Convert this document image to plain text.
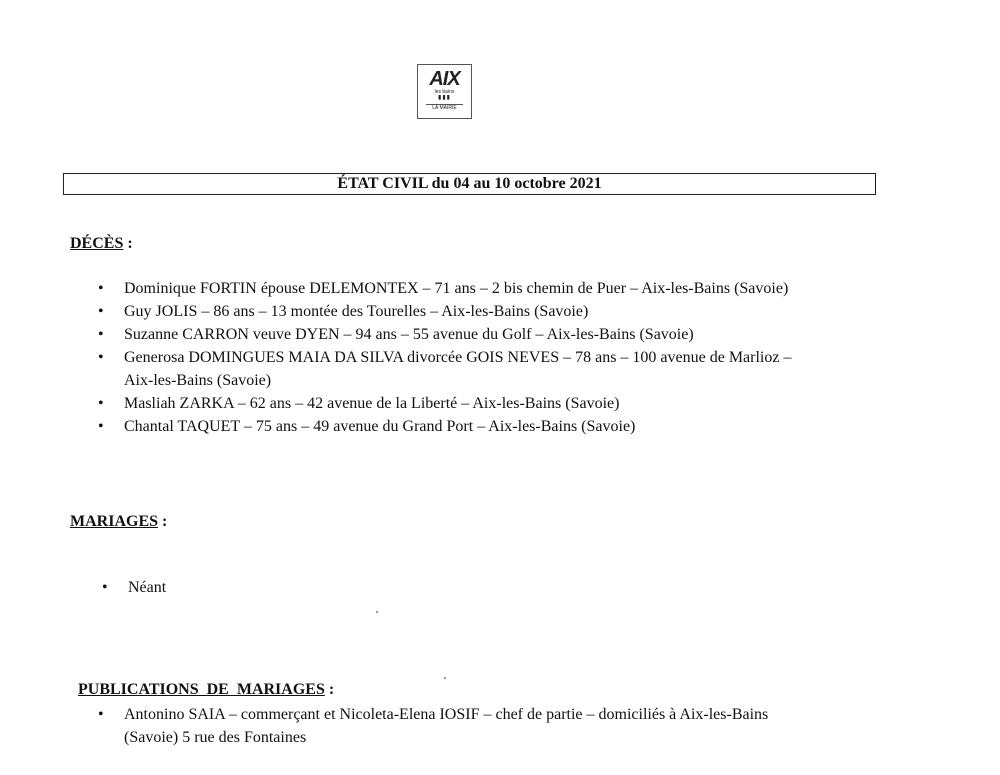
AIX
les bains
▮▮▮
LA MAIRIE
ÉTAT CIVIL du 04 au 10 octobre 2021
DÉCÈS :
• Dominique FORTIN épouse DELEMONTEX – 71 ans – 2 bis chemin de Puer – Aix-les-Bains (Savoie)
• Guy JOLIS – 86 ans – 13 montée des Tourelles – Aix-les-Bains (Savoie)
• Suzanne CARRON veuve DYEN – 94 ans – 55 avenue du Golf – Aix-les-Bains (Savoie)
• Generosa DOMINGUES MAIA DA SILVA divorcée GOIS NEVES – 78 ans – 100 avenue de Marlioz –
Aix-les-Bains (Savoie)
• Masliah ZARKA – 62 ans – 42 avenue de la Liberté – Aix-les-Bains (Savoie)
• Chantal TAQUET – 75 ans – 49 avenue du Grand Port – Aix-les-Bains (Savoie)
MARIAGES :
• Néant

PUBLICATIONS  DE  MARIAGES :

• Antonino SAIA – commerçant et Nicoleta-Elena IOSIF – chef de partie – domiciliés à Aix-les-Bains
(Savoie) 5 rue des Fontaines
